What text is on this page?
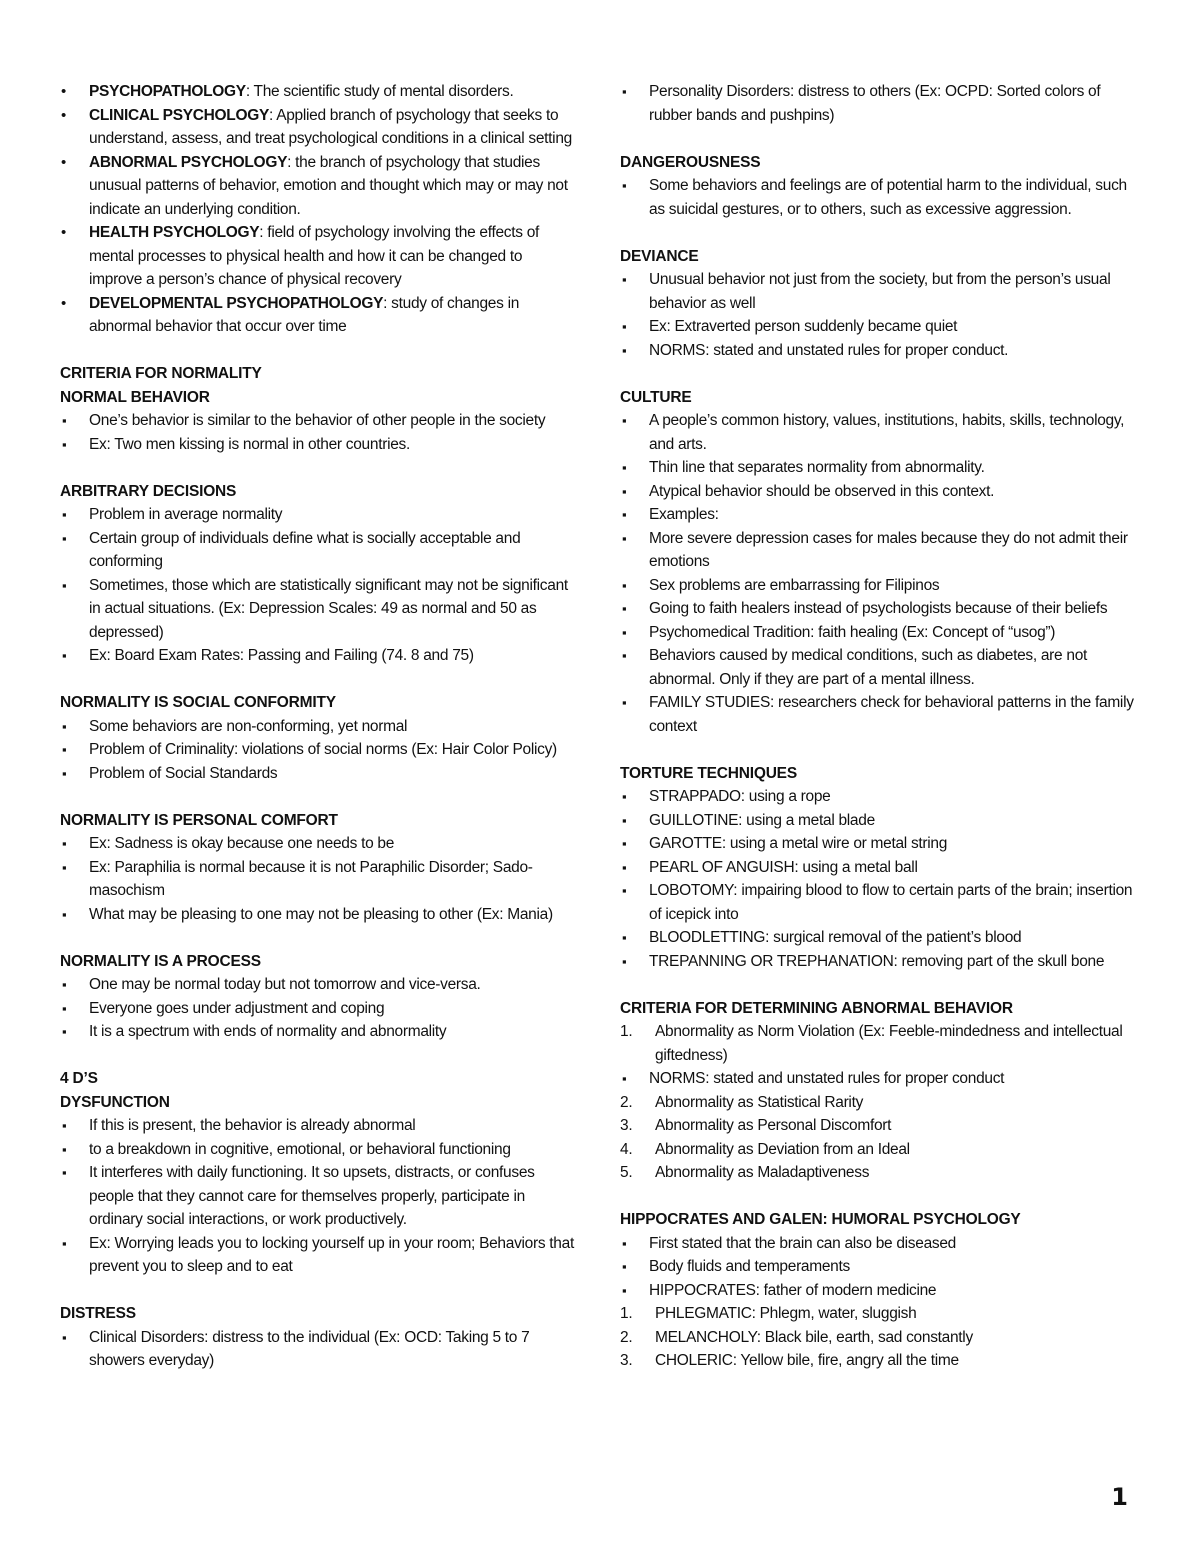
• PSYCHOPATHOLOGY: The scientific study of mental disorders.
• CLINICAL PSYCHOLOGY: Applied branch of psychology that seeks to understand, assess, and treat psychological conditions in a clinical setting
• ABNORMAL PSYCHOLOGY: the branch of psychology that studies unusual patterns of behavior, emotion and thought which may or may not indicate an underlying condition.
• HEALTH PSYCHOLOGY: field of psychology involving the effects of mental processes to physical health and how it can be changed to improve a person’s chance of physical recovery
• DEVELOPMENTAL PSYCHOPATHOLOGY: study of changes in abnormal behavior that occur over time
CRITERIA FOR NORMALITY
NORMAL BEHAVIOR
▪ One’s behavior is similar to the behavior of other people in the society
▪ Ex: Two men kissing is normal in other countries.
ARBITRARY DECISIONS
▪ Problem in average normality
▪ Certain group of individuals define what is socially acceptable and conforming
▪ Sometimes, those which are statistically significant may not be significant in actual situations. (Ex: Depression Scales: 49 as normal and 50 as depressed)
▪ Ex: Board Exam Rates: Passing and Failing (74. 8 and 75)
NORMALITY IS SOCIAL CONFORMITY
▪ Some behaviors are non-conforming, yet normal
▪ Problem of Criminality: violations of social norms (Ex: Hair Color Policy)
▪ Problem of Social Standards
NORMALITY IS PERSONAL COMFORT
▪ Ex: Sadness is okay because one needs to be
▪ Ex: Paraphilia is normal because it is not Paraphilic Disorder; Sado-masochism
▪ What may be pleasing to one may not be pleasing to other (Ex: Mania)
NORMALITY IS A PROCESS
▪ One may be normal today but not tomorrow and vice-versa.
▪ Everyone goes under adjustment and coping
▪ It is a spectrum with ends of normality and abnormality
4 D’S
DYSFUNCTION
▪ If this is present, the behavior is already abnormal
▪ to a breakdown in cognitive, emotional, or behavioral functioning
▪ It interferes with daily functioning. It so upsets, distracts, or confuses people that they cannot care for themselves properly, participate in ordinary social interactions, or work productively.
▪ Ex: Worrying leads you to locking yourself up in your room; Behaviors that prevent you to sleep and to eat
DISTRESS
▪ Clinical Disorders: distress to the individual (Ex: OCD: Taking 5 to 7 showers everyday)
▪ Personality Disorders: distress to others (Ex: OCPD: Sorted colors of rubber bands and pushpins)
DANGEROUSNESS
▪ Some behaviors and feelings are of potential harm to the individual, such as suicidal gestures, or to others, such as excessive aggression.
DEVIANCE
▪ Unusual behavior not just from the society, but from the person’s usual behavior as well
▪ Ex: Extraverted person suddenly became quiet
▪ NORMS: stated and unstated rules for proper conduct.
CULTURE
▪ A people’s common history, values, institutions, habits, skills, technology, and arts.
▪ Thin line that separates normality from abnormality.
▪ Atypical behavior should be observed in this context.
▪ Examples:
▪ More severe depression cases for males because they do not admit their emotions
▪ Sex problems are embarrassing for Filipinos
▪ Going to faith healers instead of psychologists because of their beliefs
▪ Psychomedical Tradition: faith healing (Ex: Concept of “usog”)
▪ Behaviors caused by medical conditions, such as diabetes, are not abnormal. Only if they are part of a mental illness.
▪ FAMILY STUDIES: researchers check for behavioral patterns in the family context
TORTURE TECHNIQUES
▪ STRAPPADO: using a rope
▪ GUILLOTINE: using a metal blade
▪ GAROTTE: using a metal wire or metal string
▪ PEARL OF ANGUISH: using a metal ball
▪ LOBOTOMY: impairing blood to flow to certain parts of the brain; insertion of icepick into
▪ BLOODLETTING: surgical removal of the patient’s blood
▪ TREPANNING OR TREPHANATION: removing part of the skull bone
CRITERIA FOR DETERMINING ABNORMAL BEHAVIOR
1. Abnormality as Norm Violation (Ex: Feeble-mindedness and intellectual giftedness)
▪ NORMS: stated and unstated rules for proper conduct
2. Abnormality as Statistical Rarity
3. Abnormality as Personal Discomfort
4. Abnormality as Deviation from an Ideal
5. Abnormality as Maladaptiveness
HIPPOCRATES AND GALEN: HUMORAL PSYCHOLOGY
▪ First stated that the brain can also be diseased
▪ Body fluids and temperaments
▪ HIPPOCRATES: father of modern medicine
1. PHLEGMATIC: Phlegm, water, sluggish
2. MELANCHOLY: Black bile, earth, sad constantly
3. CHOLERIC: Yellow bile, fire, angry all the time
1
